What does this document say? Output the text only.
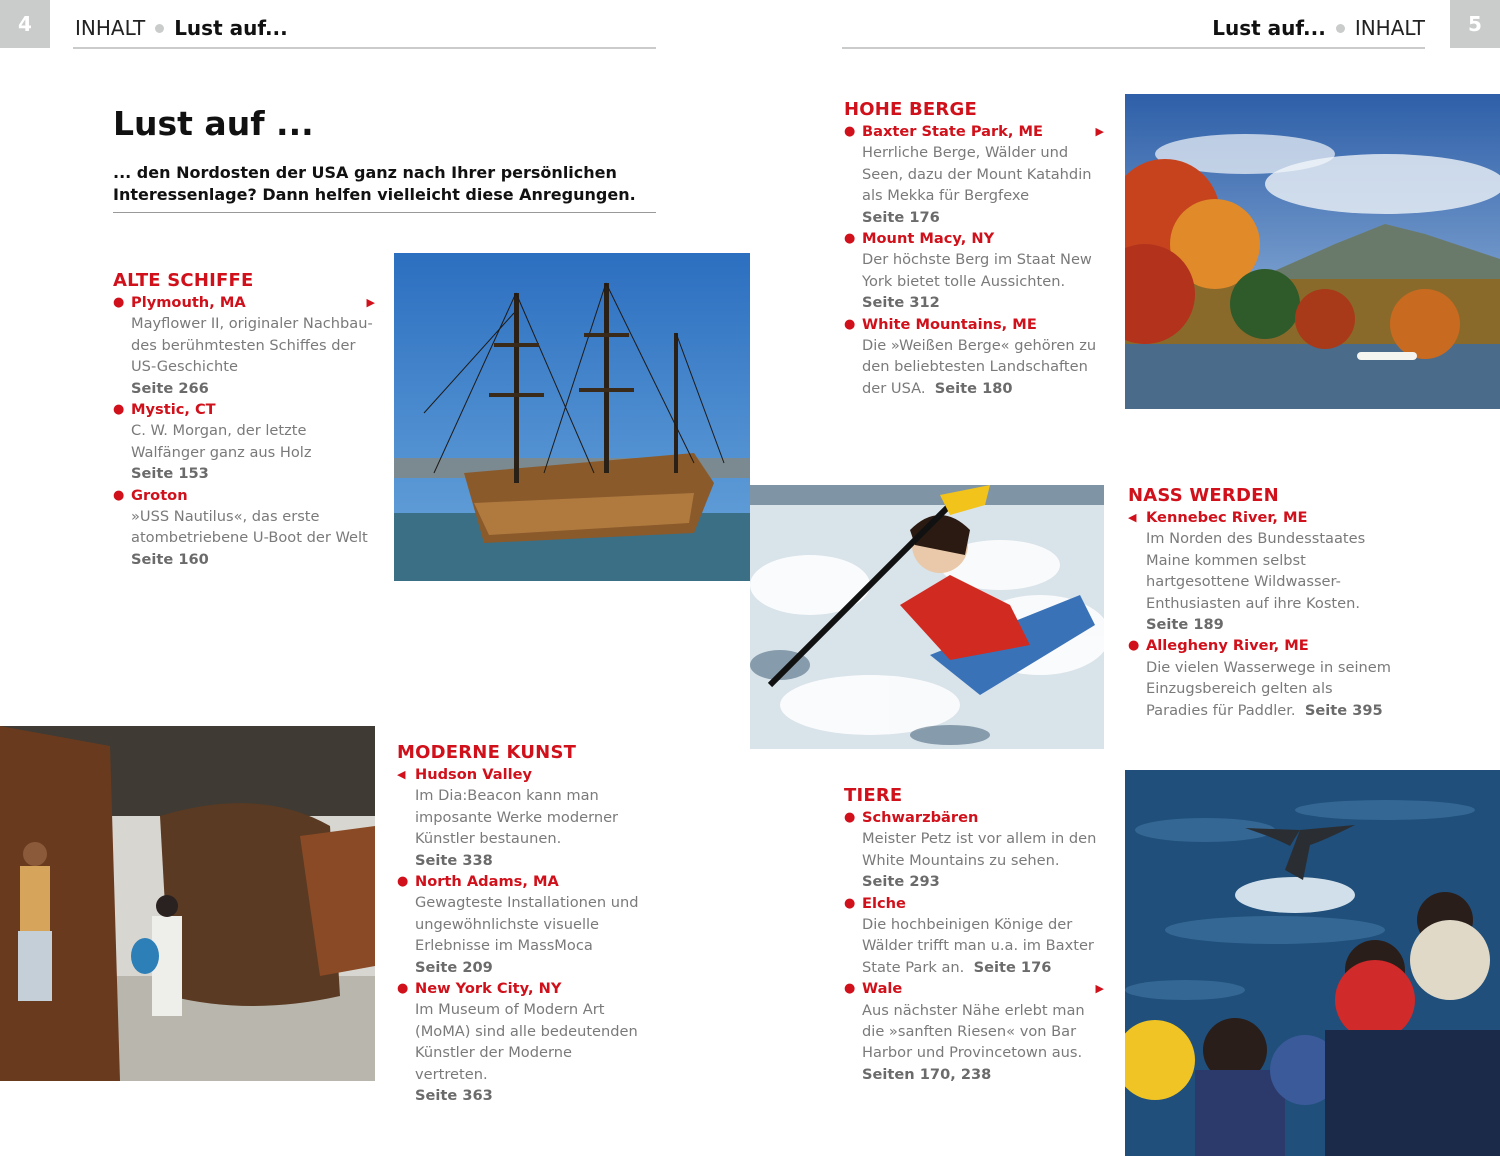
4	INHALT Lust auf...	5
Lust auf... INHALT
Lust auf ...
... den Nordosten der USA ganz nach Ihrer persönlichen Interessenlage? Dann helfen vielleicht diese Anregungen.
ALTE SCHIFFE
●	▶
Plymouth, MA
Mayflower II, originaler Nachbaudes berühmtesten Schiffes der US-Geschichte
Seite 266
● Mystic, CT
C. W. Morgan, der letzte Walfänger ganz aus Holz
Seite 153
● Groton
»USS Nautilus«, das erste atombetriebene U-Boot der Welt
Seite 160
HOHE BERGE
●	▶
Baxter State Park, ME
Herrliche Berge, Wälder und Seen, dazu der Mount Katahdin als Mekka für Bergfexe
Seite 176
● Mount Macy, NY
Der höchste Berg im Staat New York bietet tolle Aussichten.
Seite 312
● White Mountains, ME
Die »Weißen Berge« gehören zu den beliebtesten Landschaften der USA. Seite 180
NASS WERDEN
◀ Kennebec River, ME
Im Norden des Bundesstaates Maine kommen selbst hartgesottene Wildwasser-Enthusiasten auf ihre Kosten.  Seite 189
● Allegheny River, ME
Die vielen Wasserwege in seinem Einzugsbereich gelten als Paradies für Paddler. Seite 395
MODERNE KUNST
◀ Hudson Valley
Im Dia:Beacon kann man imposante Werke moderner Künstler bestaunen.
Seite 338
● North Adams, MA
Gewagteste Installationen und ungewöhnlichste visuelle Erlebnisse im MassMoca
Seite 209
● New York City, NY
Im Museum of Modern Art (MoMA) sind alle bedeutenden Künstler der Moderne vertreten.
Seite 363
TIERE
● Schwarzbären
Meister Petz ist vor allem in den White Mountains zu sehen.
Seite 293
● Elche
Die hochbeinigen Könige der Wälder trifft man u.a. im Baxter State Park an. Seite 176
●	▶
Wale
Aus nächster Nähe erlebt man die »sanften Riesen« von Bar Harbor und Provincetown aus.
Seiten 170, 238
